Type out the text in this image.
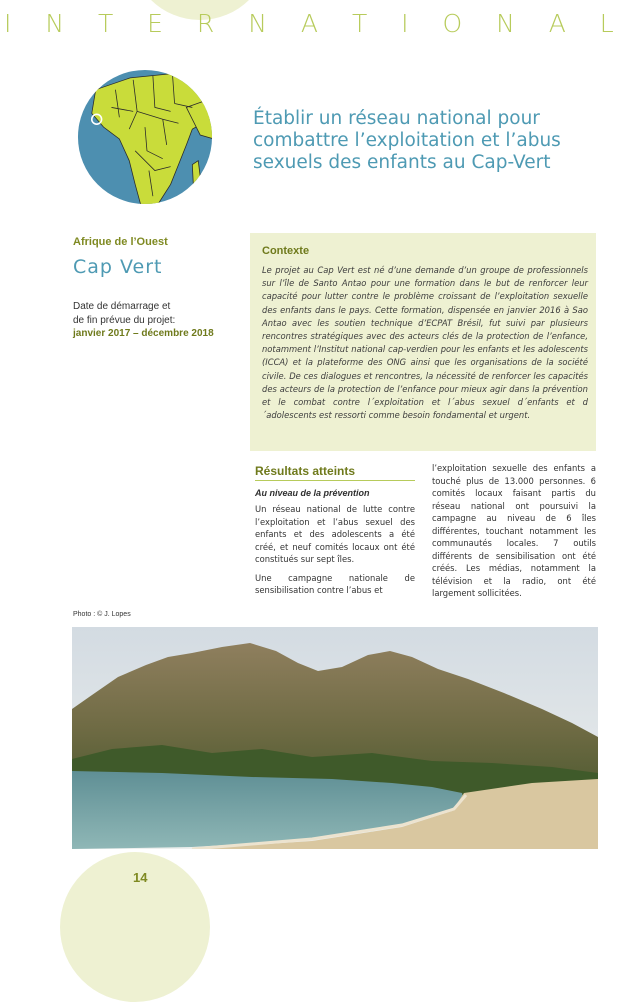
I N T E R N A T I O N A L
Établir un réseau national pour combattre l’exploitation et l’abus sexuels des enfants au Cap-Vert
Afrique de l’Ouest
Cap Vert
Date de démarrage et
de fin prévue du projet:
janvier 2017 – décembre 2018
Contexte
Le projet au Cap Vert est né d’une demande d’un groupe de professionnels sur l’île de Santo Antao pour une formation dans le but de renforcer leur capacité pour lutter contre le problème croissant de l’exploitation sexuelle des enfants dans le pays. Cette formation, dispensée en janvier 2016 à Sao Antao avec les soutien technique d’ECPAT Brésil, fut suivi par plusieurs rencontres stratégiques avec des acteurs clés de la protection de l’enfance, notamment l’Institut national cap-verdien pour les enfants et les adolescents (ICCA) et la plateforme des ONG ainsi que les organisations de la société civile. De ces dialogues et rencontres, la nécessité de renforcer les capacités des acteurs de la protection de l’enfance pour mieux agir dans la prévention et le combat contre l´exploitation et l´abus sexuel d´enfants et d´adolescents est ressorti comme besoin fondamental et urgent.
Résultats atteints
Au niveau de la prévention

Un réseau national de lutte contre l’exploitation et l’abus sexuel des enfants et des adolescents a été créé, et neuf comités locaux ont été constitués sur sept îles.

Une campagne nationale de sensibilisation contre l’abus et

l’exploitation sexuelle des enfants a touché plus de 13.000 personnes. 6 comités locaux faisant partis du réseau national ont poursuivi la campagne au niveau de 6 îles différentes, touchant notamment les communautés locales. 7 outils différents de sensibilisation ont été créés. Les médias, notamment la télévision et la radio, ont été largement sollicitées.

Photo : © J. Lopes
14
